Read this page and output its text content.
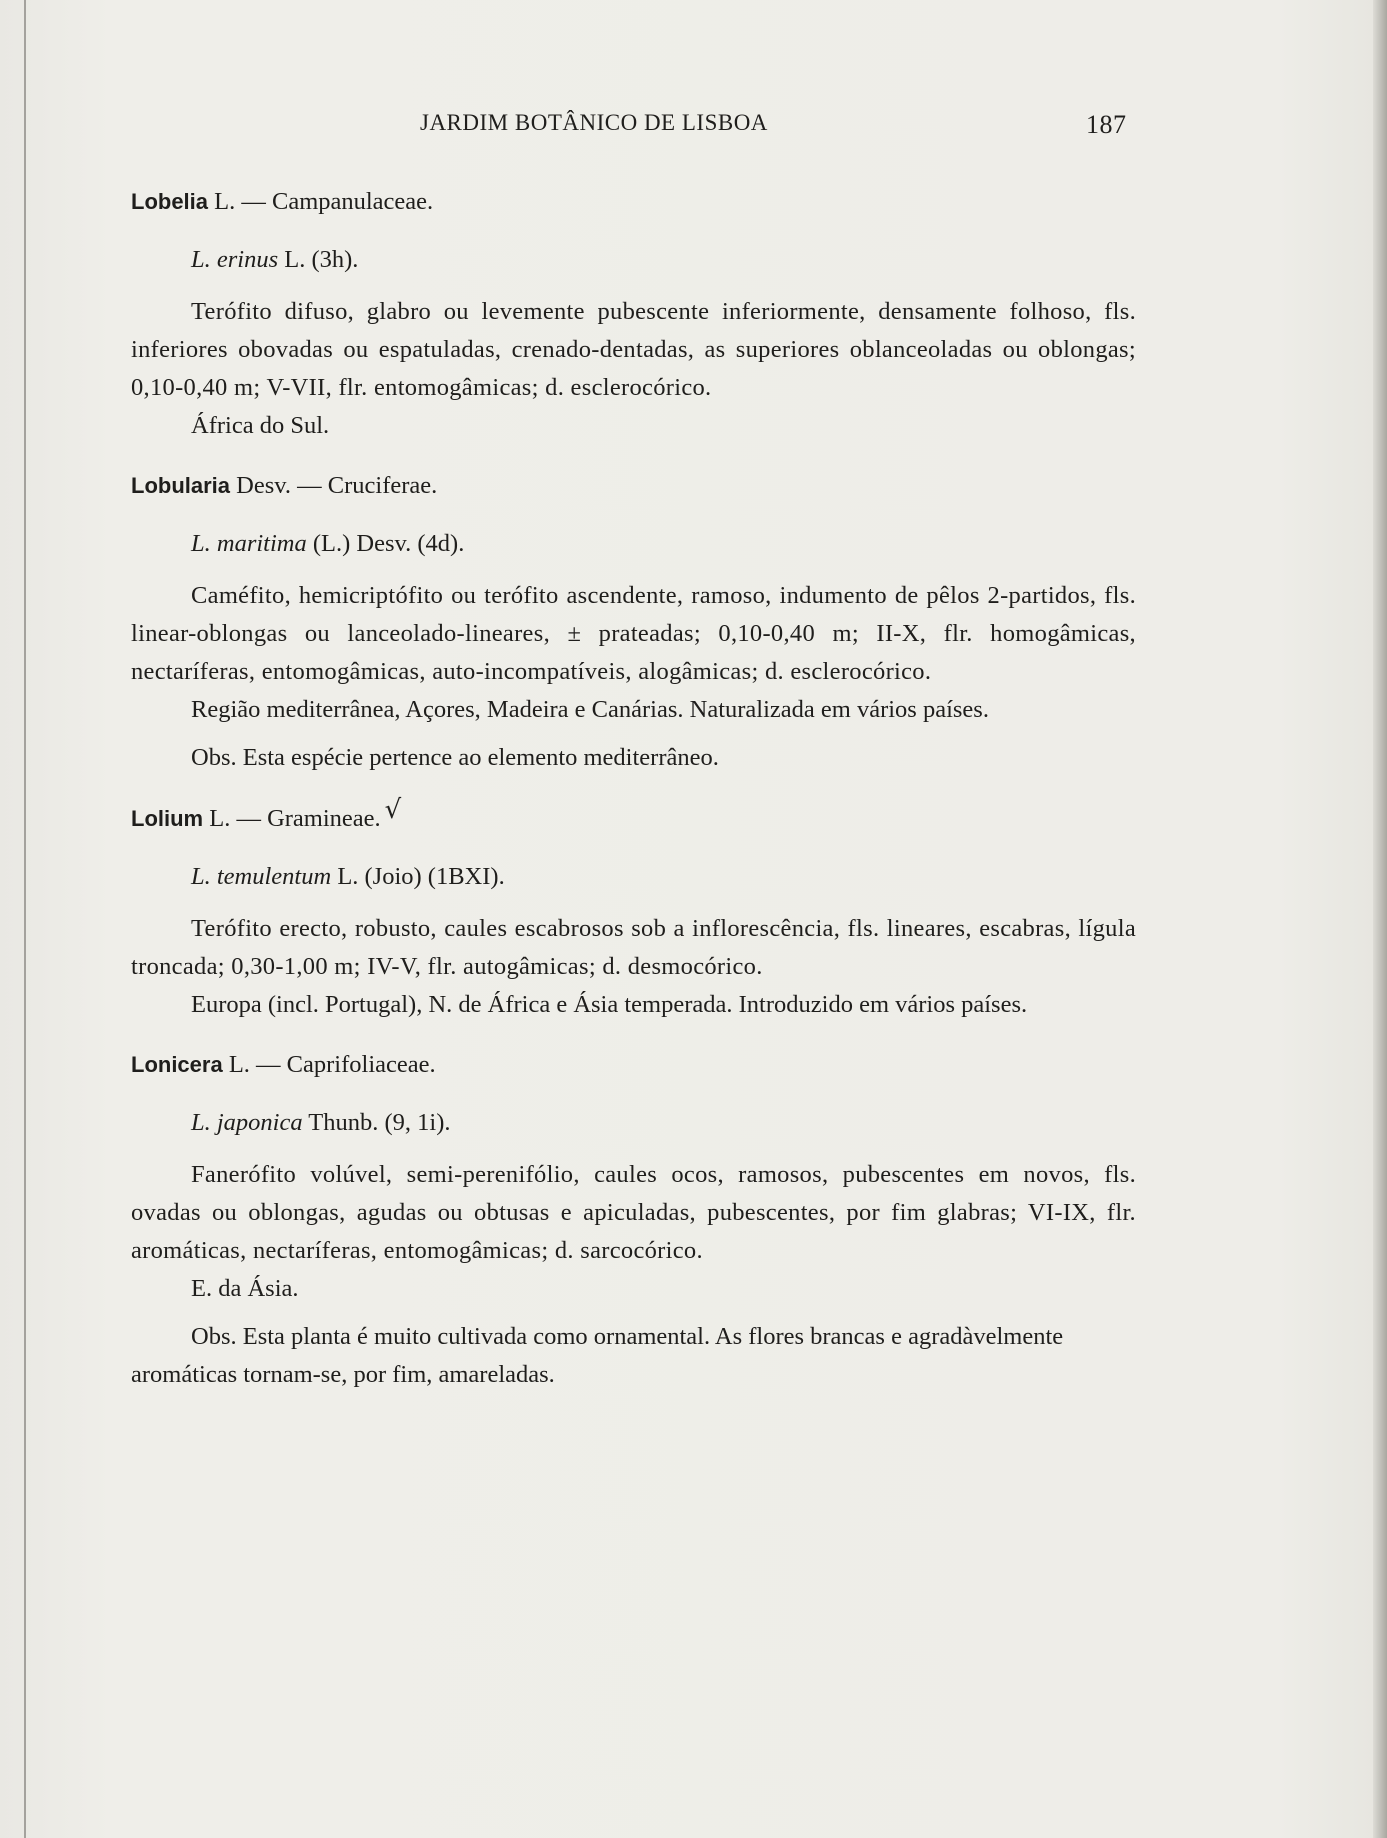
JARDIM BOTÂNICO DE LISBOA	187
Lobelia L. — Campanulaceae.
L. erinus L. (3h).

Terófito difuso, glabro ou levemente pubescente inferiormente, densamente folhoso, fls. inferiores obovadas ou espatuladas, crenado-dentadas, as superiores oblanceoladas ou oblongas; 0,10-0,40 m; V-VII, flr. entomogâmicas; d. esclerocórico.

África do Sul.

Lobularia Desv. — Cruciferae.
L. maritima (L.) Desv. (4d).

Caméfito, hemicriptófito ou terófito ascendente, ramoso, indumento de pêlos 2-partidos, fls. linear-oblongas ou lanceolado-lineares, ± prateadas; 0,10-0,40 m; II-X, flr. homogâmicas, nectaríferas, entomogâmicas, auto-incompatíveis, alogâmicas; d. esclerocórico.

Região mediterrânea, Açores, Madeira e Canárias. Naturalizada em vários países.

Obs. Esta espécie pertence ao elemento mediterrâneo.

Lolium L. — Gramineae. √
L. temulentum L. (Joio) (1BXI).

Terófito erecto, robusto, caules escabrosos sob a inflorescência, fls. lineares, escabras, lígula troncada; 0,30-1,00 m; IV-V, flr. autogâmicas; d. desmocórico.

Europa (incl. Portugal), N. de África e Ásia temperada. Introduzido em vários países.

Lonicera L. — Caprifoliaceae.
L. japonica Thunb. (9, 1i).

Fanerófito volúvel, semi-perenifólio, caules ocos, ramosos, pubescentes em novos, fls. ovadas ou oblongas, agudas ou obtusas e apiculadas, pubescentes, por fim glabras; VI-IX, flr. aromáticas, nectaríferas, entomogâmicas; d. sarcocórico.

E. da Ásia.

Obs. Esta planta é muito cultivada como ornamental. As flores brancas e agradàvelmente aromáticas tornam-se, por fim, amareladas.
